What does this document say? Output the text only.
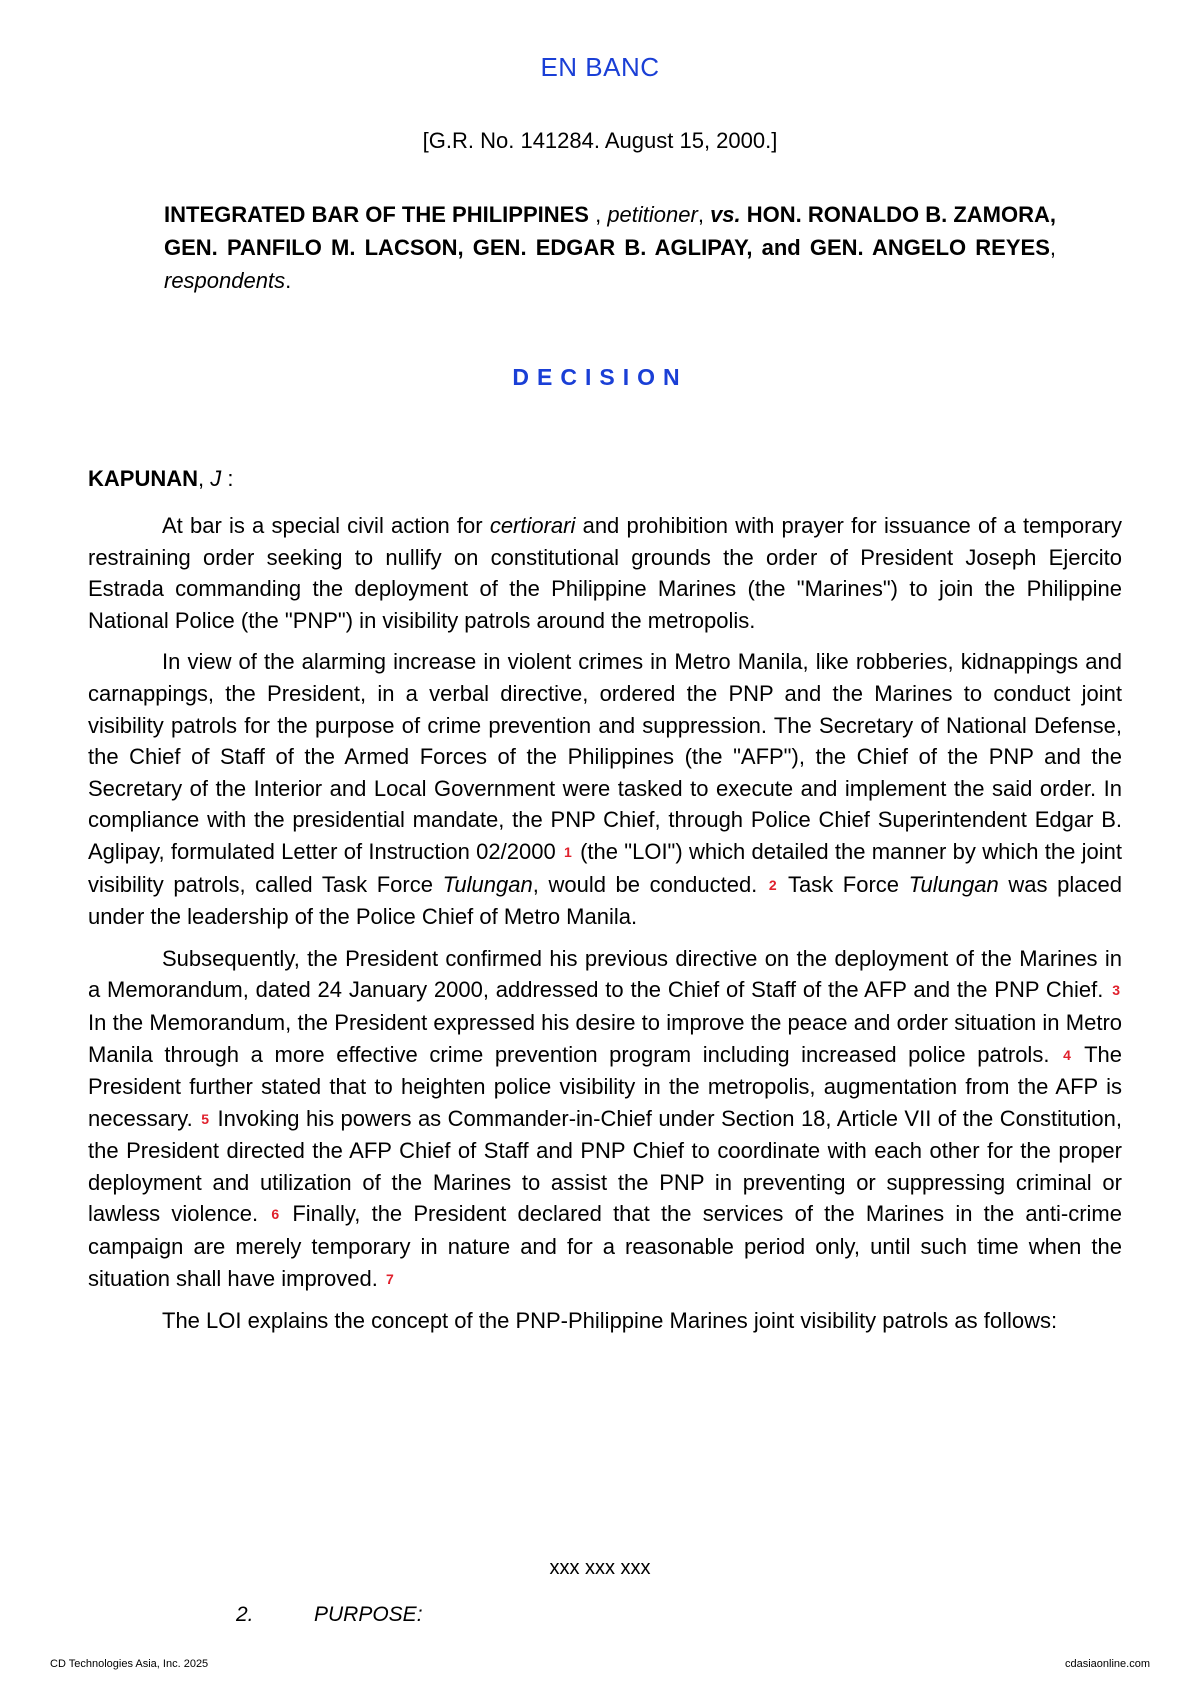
EN BANC
[G.R. No. 141284. August 15, 2000.]
INTEGRATED BAR OF THE PHILIPPINES , petitioner, vs. HON. RONALDO B. ZAMORA, GEN. PANFILO M. LACSON, GEN. EDGAR B. AGLIPAY, and GEN. ANGELO REYES, respondents.
DECISION
KAPUNAN, J :

At bar is a special civil action for certiorari and prohibition with prayer for issuance of a temporary restraining order seeking to nullify on constitutional grounds the order of President Joseph Ejercito Estrada commanding the deployment of the Philippine Marines (the "Marines") to join the Philippine National Police (the "PNP") in visibility patrols around the metropolis.

In view of the alarming increase in violent crimes in Metro Manila, like robberies, kidnappings and carnappings, the President, in a verbal directive, ordered the PNP and the Marines to conduct joint visibility patrols for the purpose of crime prevention and suppression. The Secretary of National Defense, the Chief of Staff of the Armed Forces of the Philippines (the "AFP"), the Chief of the PNP and the Secretary of the Interior and Local Government were tasked to execute and implement the said order. In compliance with the presidential mandate, the PNP Chief, through Police Chief Superintendent Edgar B. Aglipay, formulated Letter of Instruction 02/2000 1 (the "LOI") which detailed the manner by which the joint visibility patrols, called Task Force Tulungan, would be conducted. 2 Task Force Tulungan was placed under the leadership of the Police Chief of Metro Manila.

Subsequently, the President confirmed his previous directive on the deployment of the Marines in a Memorandum, dated 24 January 2000, addressed to the Chief of Staff of the AFP and the PNP Chief. 3 In the Memorandum, the President expressed his desire to improve the peace and order situation in Metro Manila through a more effective crime prevention program including increased police patrols. 4 The President further stated that to heighten police visibility in the metropolis, augmentation from the AFP is necessary. 5 Invoking his powers as Commander-in-Chief under Section 18, Article VII of the Constitution, the President directed the AFP Chief of Staff and PNP Chief to coordinate with each other for the proper deployment and utilization of the Marines to assist the PNP in preventing or suppressing criminal or lawless violence. 6 Finally, the President declared that the services of the Marines in the anti-crime campaign are merely temporary in nature and for a reasonable period only, until such time when the situation shall have improved. 7

The LOI explains the concept of the PNP-Philippine Marines joint visibility patrols as follows:

xxx xxx xxx
2.	PURPOSE:
CD Technologies Asia, Inc. 2025	cdasiaonline.com
